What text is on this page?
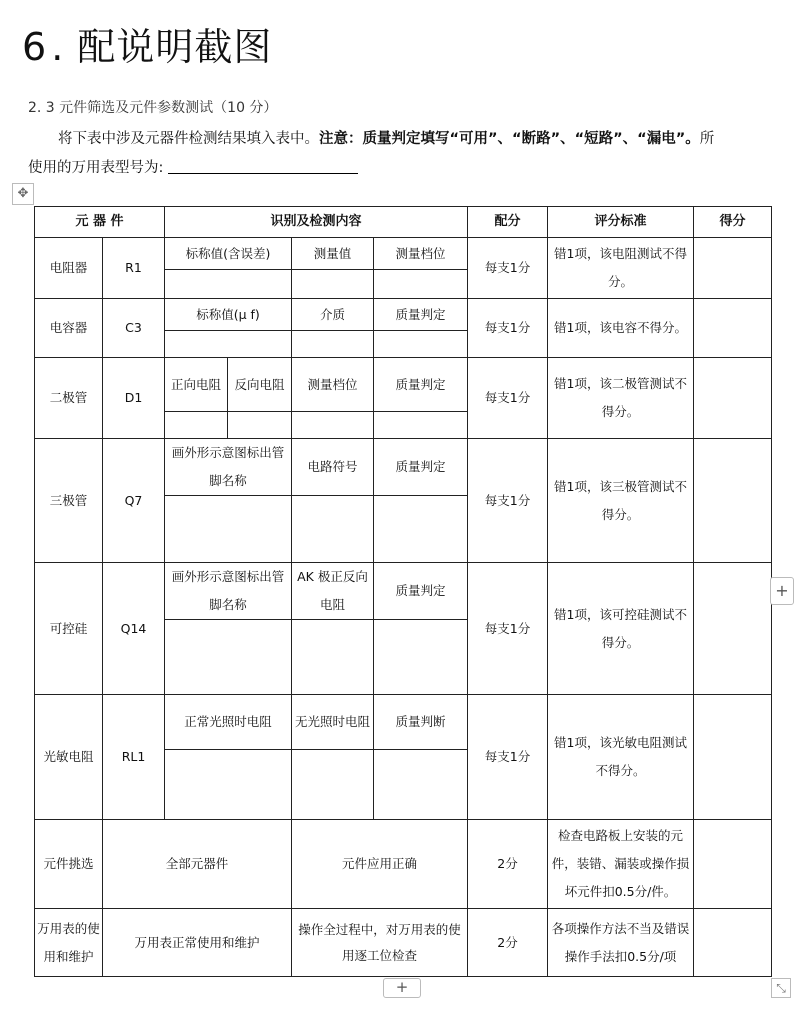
6 . 配说明截图
2. 3 元件筛选及元件参数测试（10 分）
将下表中涉及元器件检测结果填入表中。注意：质量判定填写“可用”、“断路”、“短路”、“漏电”。所
使用的万用表型号为:
✥
元 器 件		识别及检测内容				配分	评分标准	得分
电阻器	R1	标称值(含误差)		测量值	测量档位	每支1分	错1项，该电阻测试不得分。	

电容器	C3	标称值(μ f)		介质	质量判定	每支1分	错1项，该电容不得分。	

二极管	D1	正向电阻	反向电阻	测量档位	质量判定	每支1分	错1项，该二极管测试不得分。	

三极管	Q7	画外形示意图标出管脚名称		电路符号	质量判定	每支1分	错1项，该三极管测试不得分。	

可控硅	Q14	画外形示意图标出管脚名称		AK 极正反向电阻	质量判定	每支1分	错1项，该可控硅测试不得分。	

光敏电阻	RL1	正常光照时电阻		无光照时电阻	质量判断	每支1分	错1项，该光敏电阻测试不得分。	

元件挑选	全部元器件			元件应用正确		2分	检查电路板上安装的元件，装错、漏装或操作损坏元件扣0.5分/件。	
万用表的使用和维护	万用表正常使用和维护			操作全过程中，对万用表的使用逐工位检查		2分	各项操作方法不当及错误操作手法扣0.5分/项	
+
+	⤡
